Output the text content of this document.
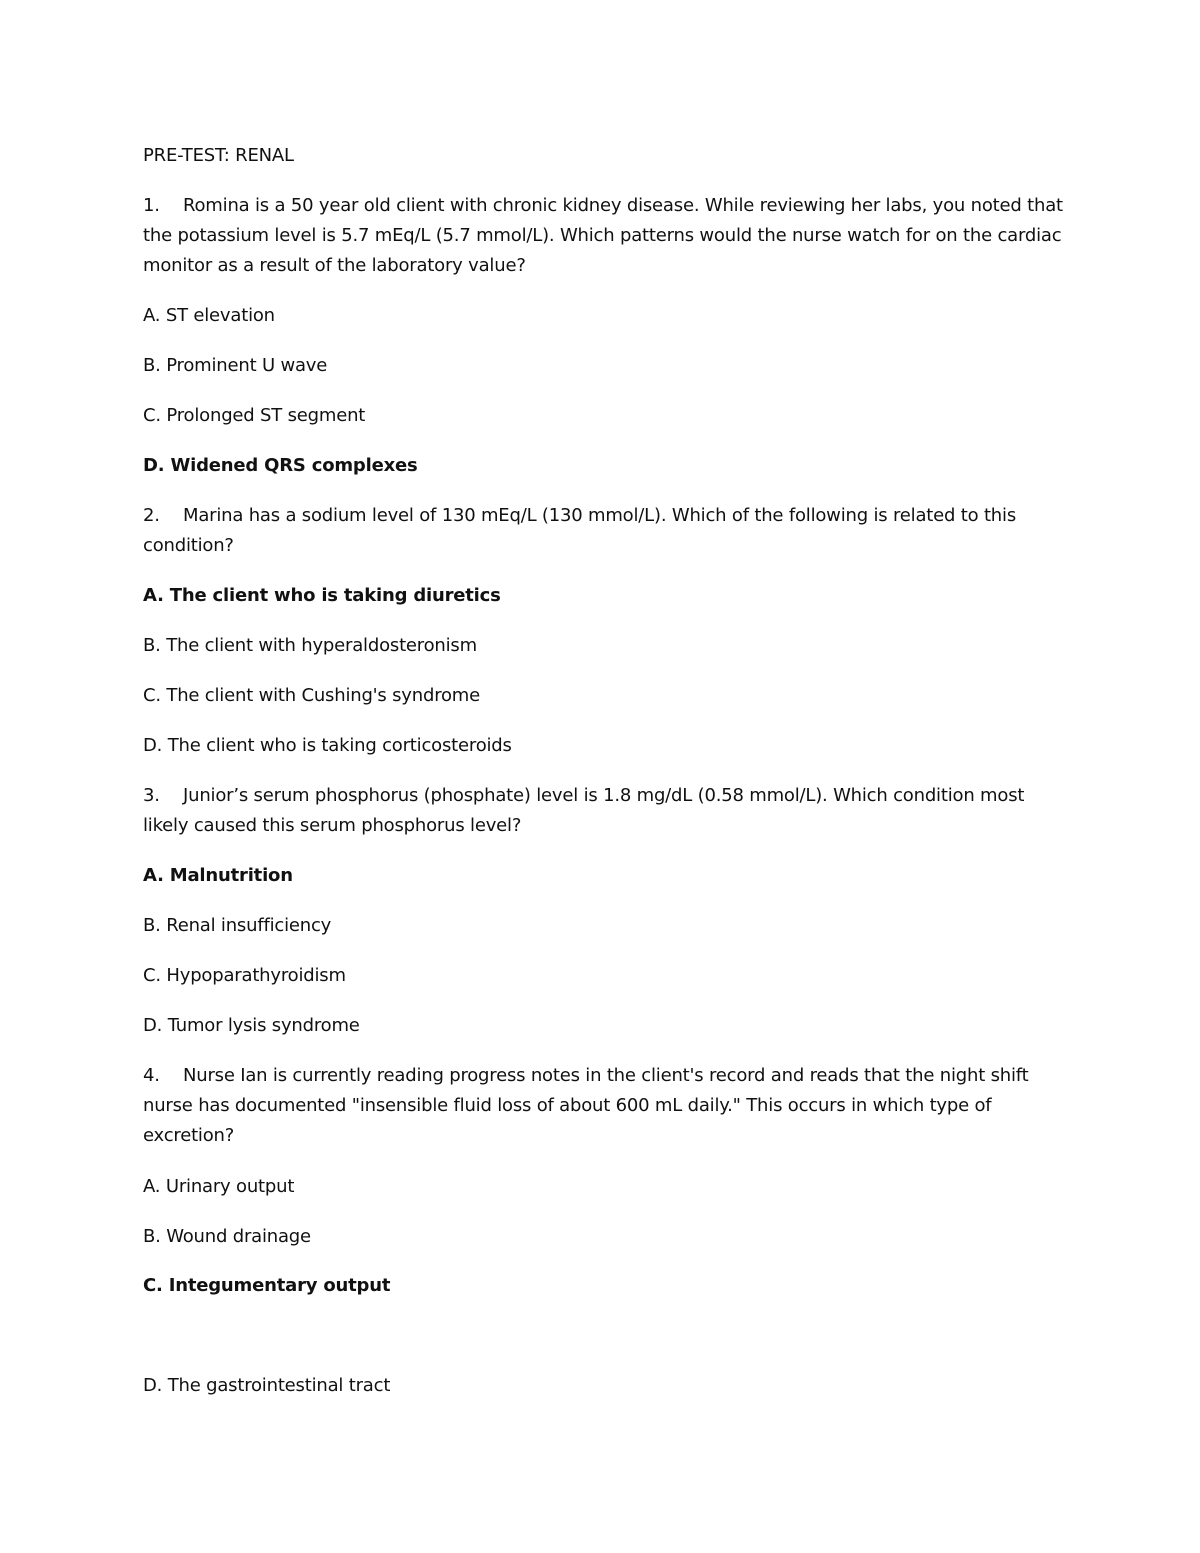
PRE-TEST: RENAL
1. Romina is a 50 year old client with chronic kidney disease. While reviewing her labs, you noted that
the potassium level is 5.7 mEq/L (5.7 mmol/L). Which patterns would the nurse watch for on the cardiac
monitor as a result of the laboratory value?
A. ST elevation
B. Prominent U wave
C. Prolonged ST segment
D. Widened QRS complexes
2. Marina has a sodium level of 130 mEq/L (130 mmol/L). Which of the following is related to this
condition?
A. The client who is taking diuretics
B. The client with hyperaldosteronism
C. The client with Cushing's syndrome
D. The client who is taking corticosteroids
3. Junior’s serum phosphorus (phosphate) level is 1.8 mg/dL (0.58 mmol/L). Which condition most
likely caused this serum phosphorus level?
A. Malnutrition
B. Renal insufficiency
C. Hypoparathyroidism
D. Tumor lysis syndrome
4. Nurse Ian is currently reading progress notes in the client's record and reads that the night shift
nurse has documented "insensible fluid loss of about 600 mL daily." This occurs in which type of
excretion?
A. Urinary output
B. Wound drainage
C. Integumentary output
D. The gastrointestinal tract
